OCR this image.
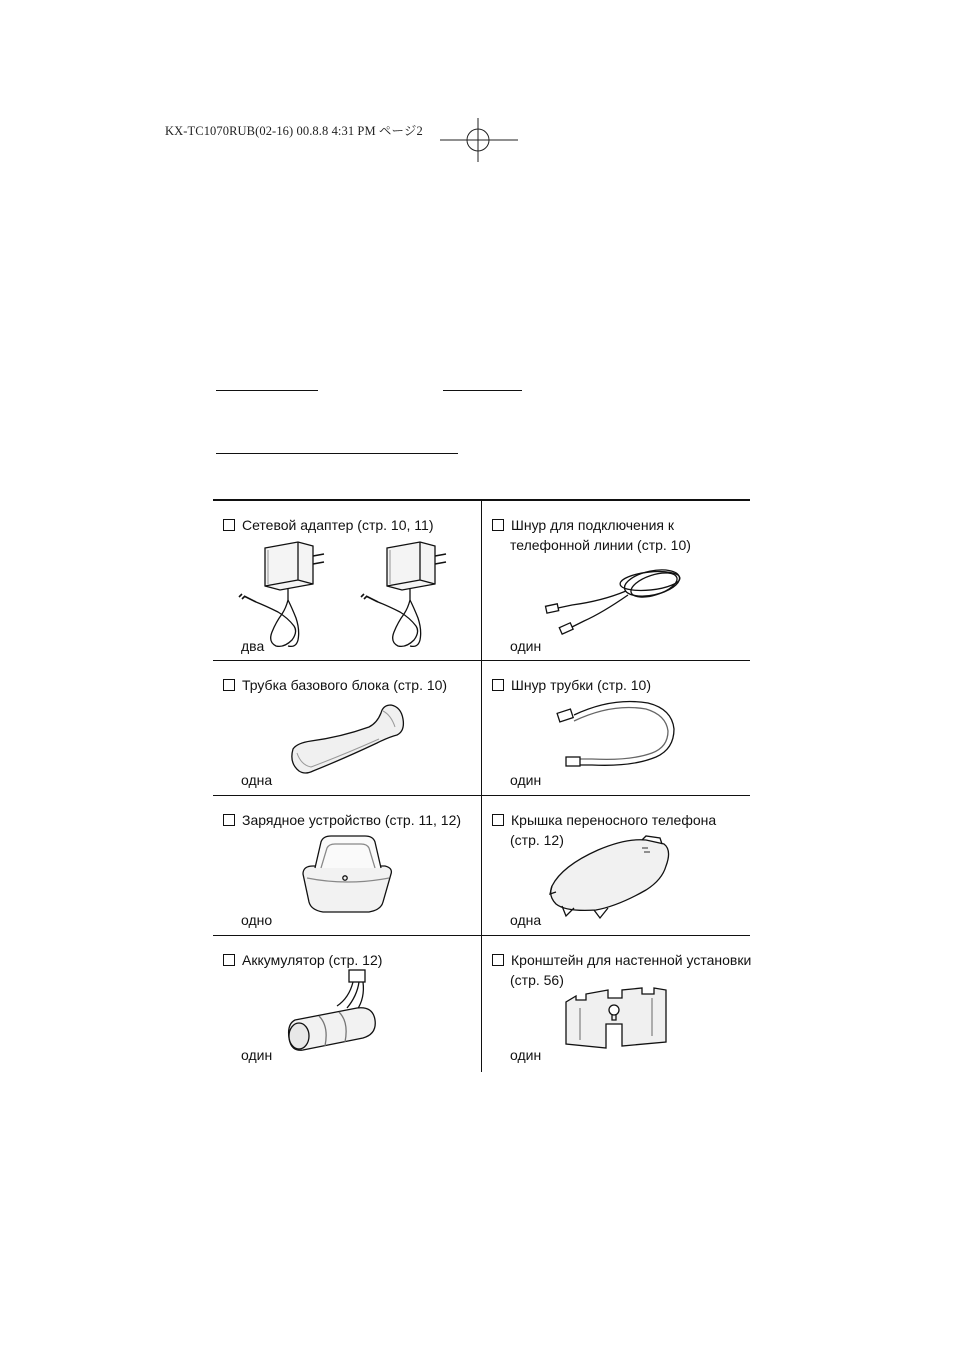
KX-TC1070RUB(02-16) 00.8.8 4:31 PM ページ2
Сетевой адаптер (стр. 10, 11)
два
Шнур для подключения к
телефонной линии (стр. 10)
один
Трубка базового блока (стр. 10)
одна
Шнур трубки (стр. 10)
один
Зарядное устройство (стр. 11, 12)
одно
Крышка переносного телефона
(стр. 12)
одна
Аккумулятор (стр. 12)
один
Кронштейн для настенной установки
(стр. 56)
один
